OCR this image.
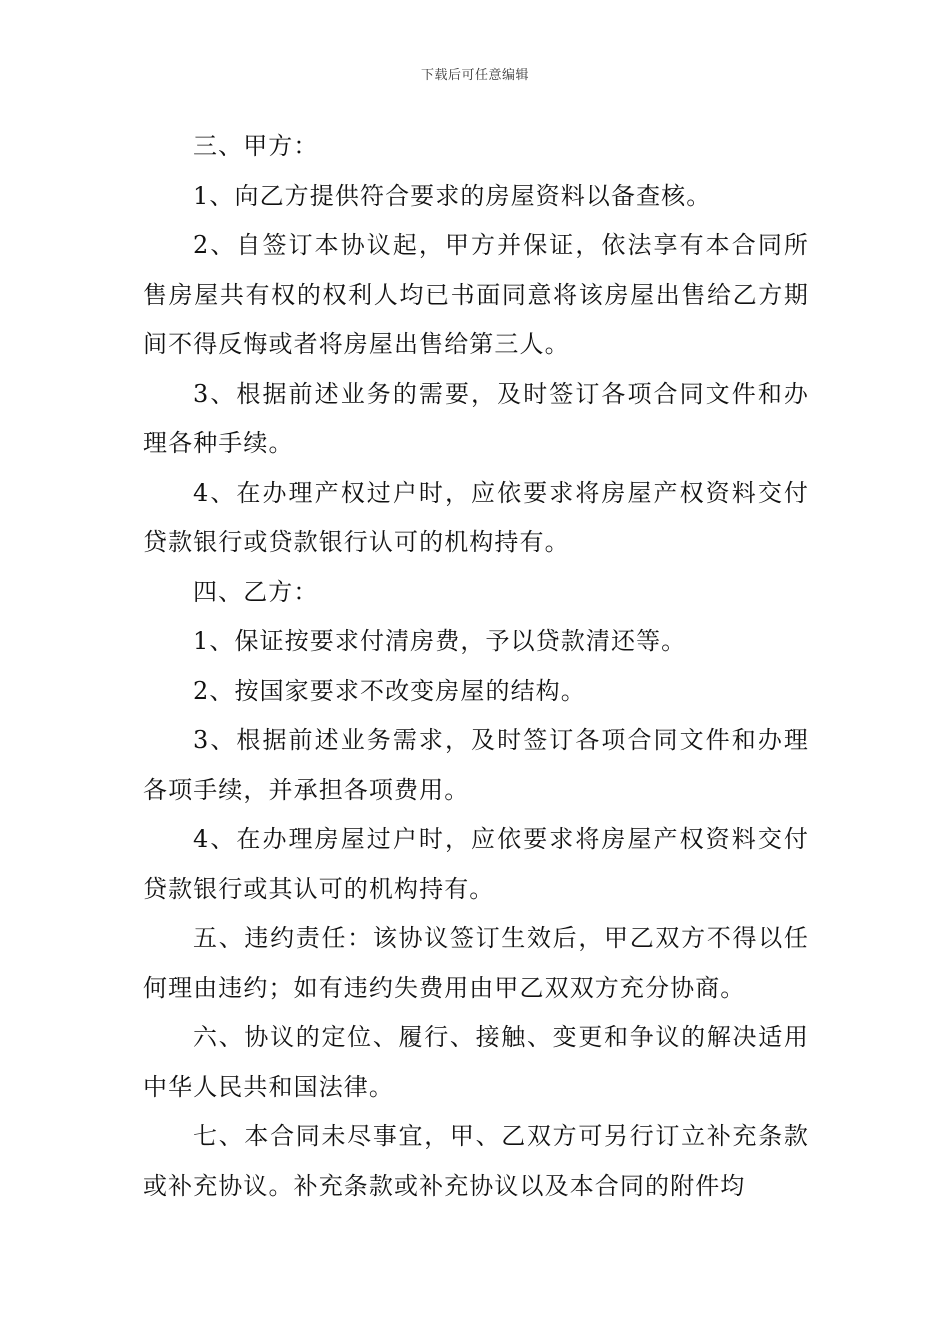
下载后可任意编辑

三、甲方：

1、向乙方提供符合要求的房屋资料以备查核。

2、自签订本协议起，甲方并保证，依法享有本合同所售房屋共有权的权利人均已书面同意将该房屋出售给乙方期间不得反悔或者将房屋出售给第三人。

3、根据前述业务的需要，及时签订各项合同文件和办理各种手续。

4、在办理产权过户时，应依要求将房屋产权资料交付贷款银行或贷款银行认可的机构持有。

四、乙方：

1、保证按要求付清房费，予以贷款清还等。

2、按国家要求不改变房屋的结构。

3、根据前述业务需求，及时签订各项合同文件和办理各项手续，并承担各项费用。

4、在办理房屋过户时，应依要求将房屋产权资料交付贷款银行或其认可的机构持有。

五、违约责任：该协议签订生效后，甲乙双方不得以任何理由违约；如有违约失费用由甲乙双双方充分协商。

六、协议的定位、履行、接触、变更和争议的解决适用中华人民共和国法律。

七、本合同未尽事宜，甲、乙双方可另行订立补充条款或补充协议。补充条款或补充协议以及本合同的附件均
